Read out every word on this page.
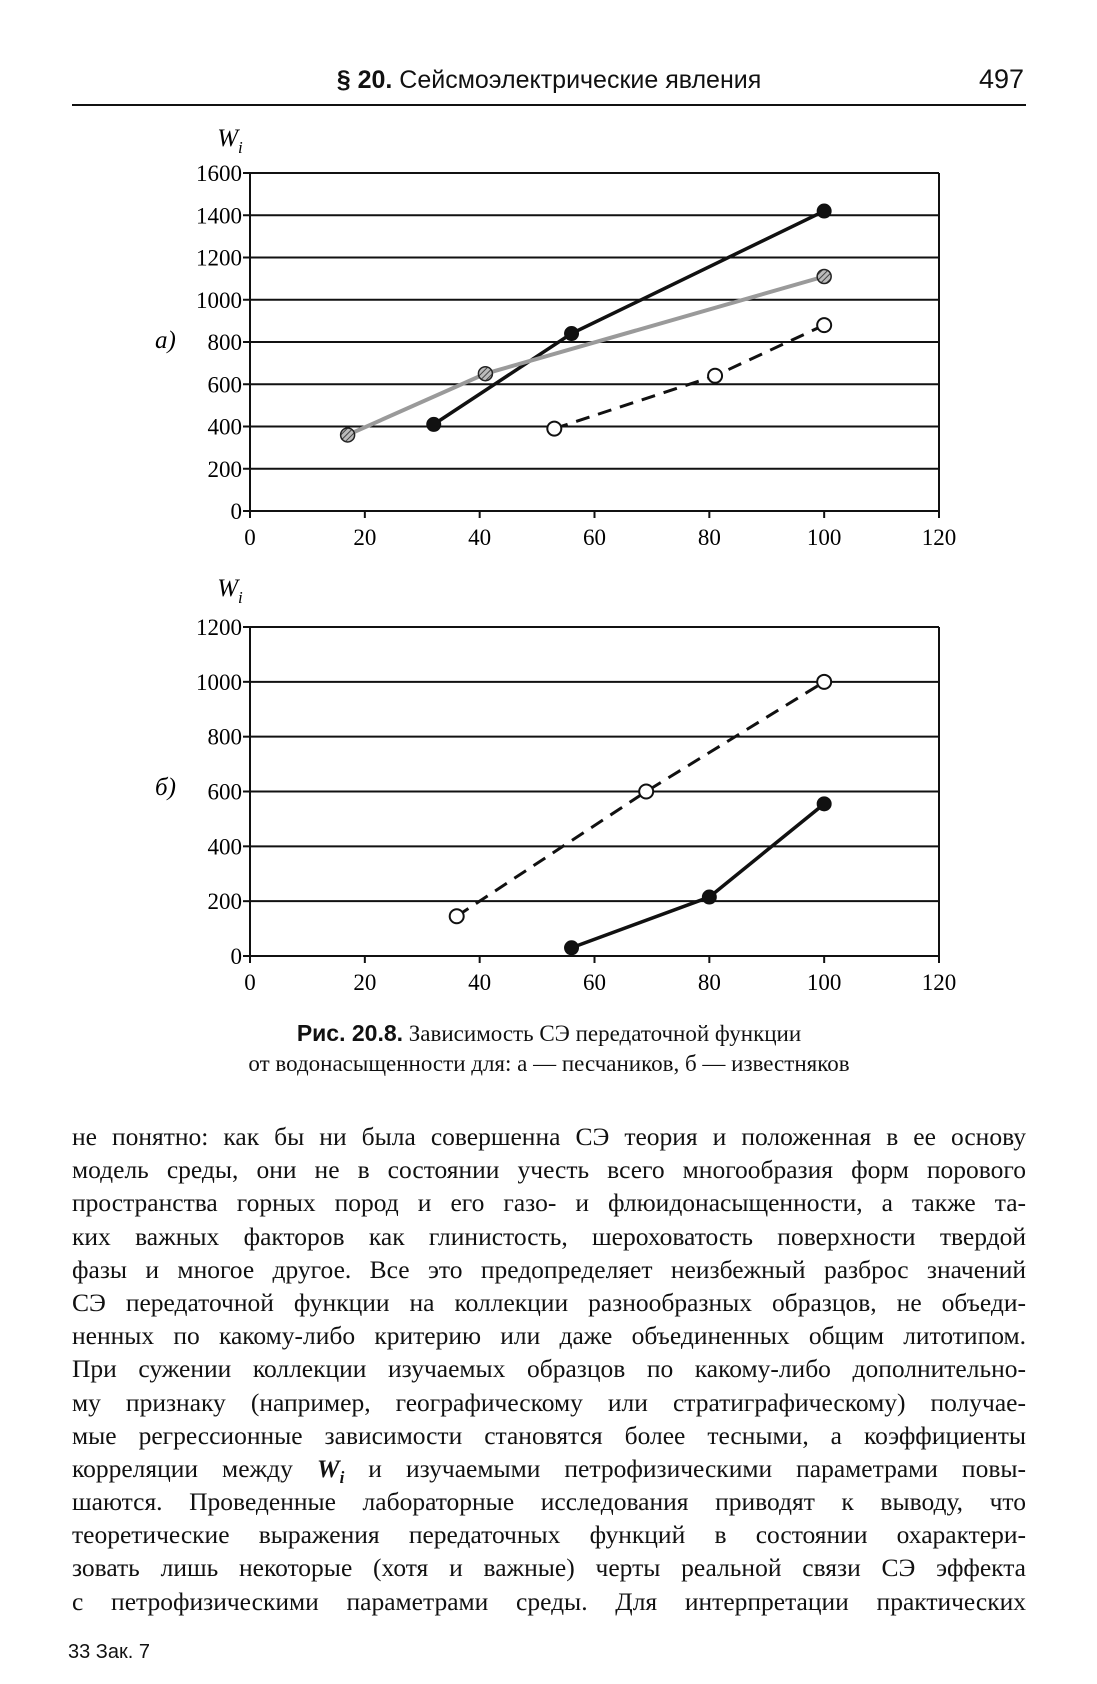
§ 20. Сейсмоэлектрические явления	497
0
200
400
600
800
1000
1200
1400
1600
0	20	40	60	80	100	120
$W_i$
а)
0
200
400
600
800
1000
1200
0	20	40	60	80	100	120
$W_i$
б)
Рис. 20.8. Зависимость СЭ передаточной функции
от водонасыщенности для: а — песчаников, б — известняков
не понятно: как бы ни была совершенна СЭ теория и положенная в ее основу
модель среды, они не в состоянии учесть всего многообразия форм порового
пространства горных пород и его газо- и флюидонасыщенности, а также та-
ких важных факторов как глинистость, шероховатость поверхности твердой
фазы и многое другое. Все это предопределяет неизбежный разброс значений
СЭ передаточной функции на коллекции разнообразных образцов, не объеди-
ненных по какому-либо критерию или даже объединенных общим литотипом.
При сужении коллекции изучаемых образцов по какому-либо дополнительно-
му признаку (например, географическому или стратиграфическому) получае-
мые регрессионные зависимости становятся более тесными, а коэффициенты
корреляции между $W_i$ и изучаемыми петрофизическими параметрами повы-
шаются. Проведенные лабораторные исследования приводят к выводу, что
теоретические выражения передаточных функций в состоянии охарактери-
зовать лишь некоторые (хотя и важные) черты реальной связи СЭ эффекта
с петрофизическими параметрами среды. Для интерпретации практических
33 Зак. 7
